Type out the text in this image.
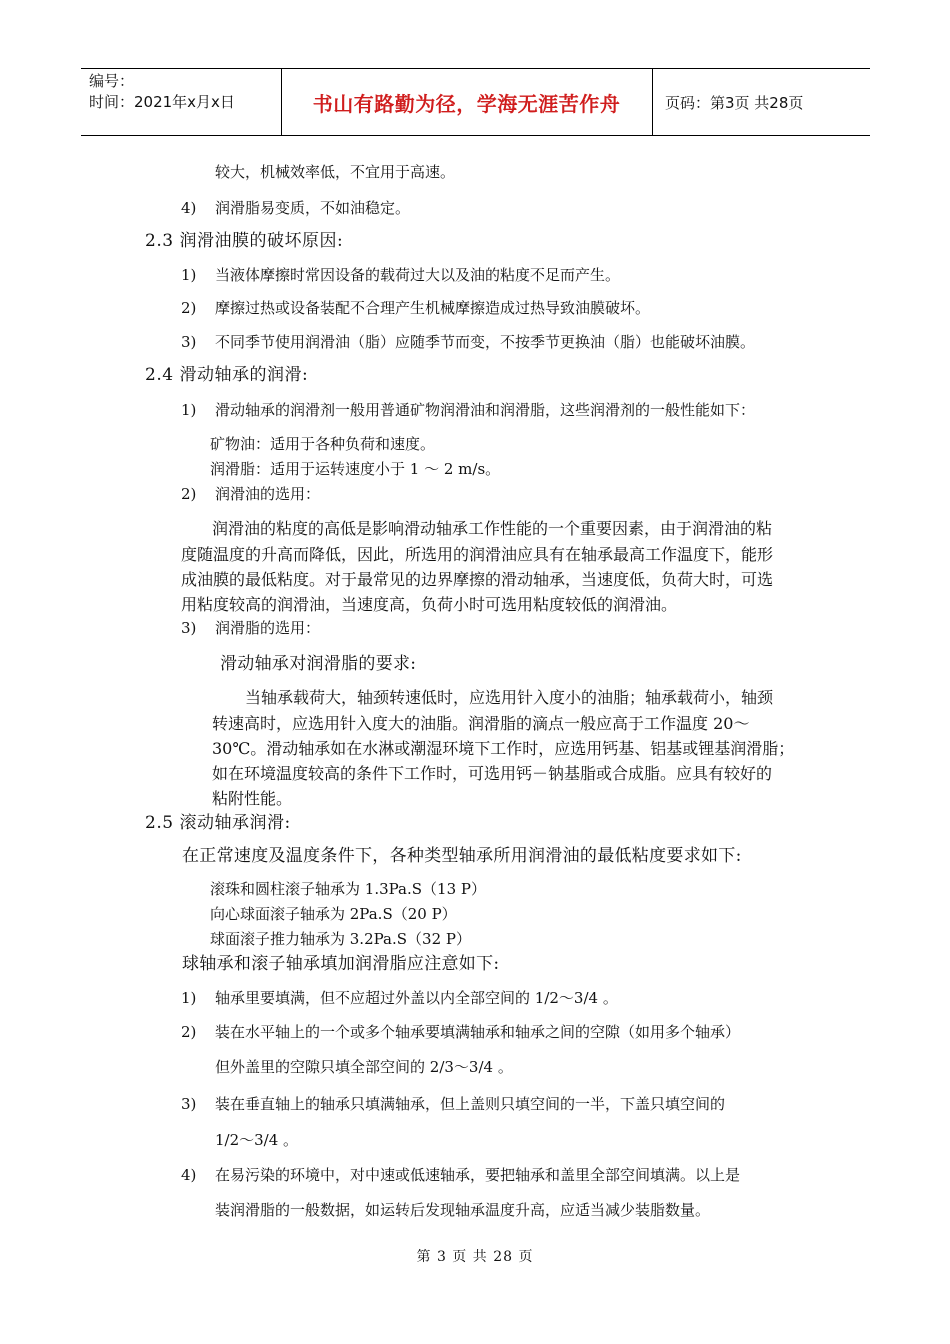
编号：
时间：2021年x月x日	书山有路勤为径，学海无涯苦作舟	页码：第3页 共28页
较大，机械效率低，不宜用于高速。
4) 润滑脂易变质，不如油稳定。
2.3 润滑油膜的破坏原因:
1) 当液体摩擦时常因设备的载荷过大以及油的粘度不足而产生。
2) 摩擦过热或设备装配不合理产生机械摩擦造成过热导致油膜破坏。
3) 不同季节使用润滑油（脂）应随季节而变，不按季节更换油（脂）也能破坏油膜。
2.4 滑动轴承的润滑:
1) 滑动轴承的润滑剂一般用普通矿物润滑油和润滑脂，这些润滑剂的一般性能如下：
矿物油：适用于各种负荷和速度。
润滑脂：适用于运转速度小于 1 ～ 2 m/s。
2) 润滑油的选用：
润滑油的粘度的高低是影响滑动轴承工作性能的一个重要因素，由于润滑油的粘
度随温度的升高而降低，因此，所选用的润滑油应具有在轴承最高工作温度下，能形
成油膜的最低粘度。对于最常见的边界摩擦的滑动轴承，当速度低，负荷大时，可选
用粘度较高的润滑油，当速度高，负荷小时可选用粘度较低的润滑油。
3) 润滑脂的选用：
滑动轴承对润滑脂的要求:
当轴承载荷大，轴颈转速低时，应选用针入度小的油脂；轴承载荷小，轴颈
转速高时，应选用针入度大的油脂。润滑脂的滴点一般应高于工作温度 20～
30℃。滑动轴承如在水淋或潮湿环境下工作时，应选用钙基、铝基或锂基润滑脂；
如在环境温度较高的条件下工作时，可选用钙－钠基脂或合成脂。应具有较好的
粘附性能。
2.5 滚动轴承润滑:
在正常速度及温度条件下，各种类型轴承所用润滑油的最低粘度要求如下:
滚珠和圆柱滚子轴承为 1.3Pa.S（13 P）
向心球面滚子轴承为 2Pa.S（20 P）
球面滚子推力轴承为 3.2Pa.S（32 P）
球轴承和滚子轴承填加润滑脂应注意如下:
1) 轴承里要填满，但不应超过外盖以内全部空间的 1/2～3/4 。
2) 装在水平轴上的一个或多个轴承要填满轴承和轴承之间的空隙（如用多个轴承）
但外盖里的空隙只填全部空间的 2/3～3/4 。
3) 装在垂直轴上的轴承只填满轴承，但上盖则只填空间的一半，下盖只填空间的
1/2～3/4 。
4) 在易污染的环境中，对中速或低速轴承，要把轴承和盖里全部空间填满。以上是
装润滑脂的一般数据，如运转后发现轴承温度升高，应适当减少装脂数量。
第 3 页 共 28 页
